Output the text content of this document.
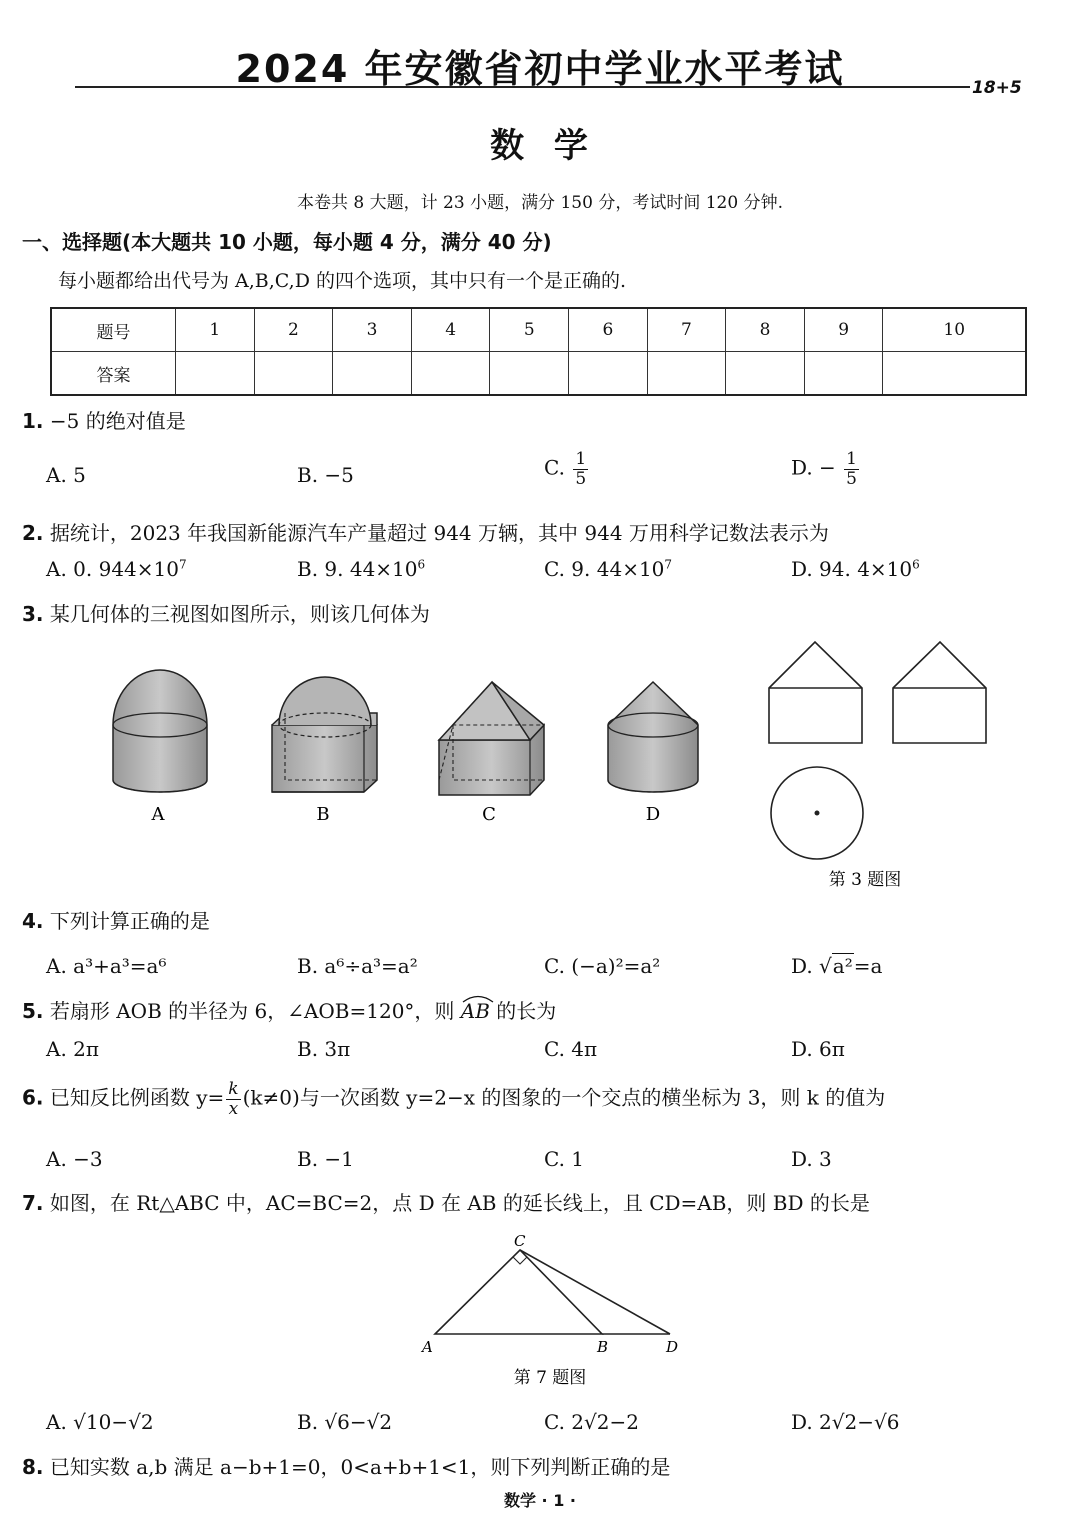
2024 年安徽省初中学业水平考试	18+5
数  学
本卷共 8 大题，计 23 小题，满分 150 分，考试时间 120 分钟.
一、选择题(本大题共 10 小题，每小题 4 分，满分 40 分)
每小题都给出代号为 A,B,C,D 的四个选项，其中只有一个是正确的.
题号	1	2	3	4	5	6	7	8	9	10
答案										
1. −5 的绝对值是
A. 5	B. −5	C. $\frac{1}{5}$	D. − $\frac{1}{5}$
2. 据统计，2023 年我国新能源汽车产量超过 944 万辆，其中 944 万用科学记数法表示为
A. 0. $944\times 10^7$	B. 9. $44\times 10^6$	C. 9. $44\times 10^7$	D. 94. $4\times 10^6$
3. 某几何体的三视图如图所示，则该几何体为
A	B	C	D
第 3 题图
4. 下列计算正确的是
A. a³+a³=a⁶	B. a⁶÷a³=a²	C. (−a)²=a²	D. √a²=a
5. 若扇形 AOB 的半径为 6，∠AOB=120°，则
AB 的长为
A. 2π	B. 3π	C. 4π	D. 6π
6. 已知反比例函数 $y= \frac{k}{x} (k\ne 0)$与一次函数 y=2−x 的图象的一个交点的横坐标为 3，则 k 的值为
A. −3	B. −1	C. 1	D. 3
7. 如图，在 Rt△ABC 中，AC=BC=2，点 D 在 AB 的延长线上，且 CD=AB，则 BD 的长是
C
A	B	D
第 7 题图
A. √10−√2	B. √6−√2	C. 2√2−2	D. 2√2−√6
8. 已知实数 a,b 满足 a−b+1=0，0<a+b+1<1，则下列判断正确的是
数学 · 1 ·
